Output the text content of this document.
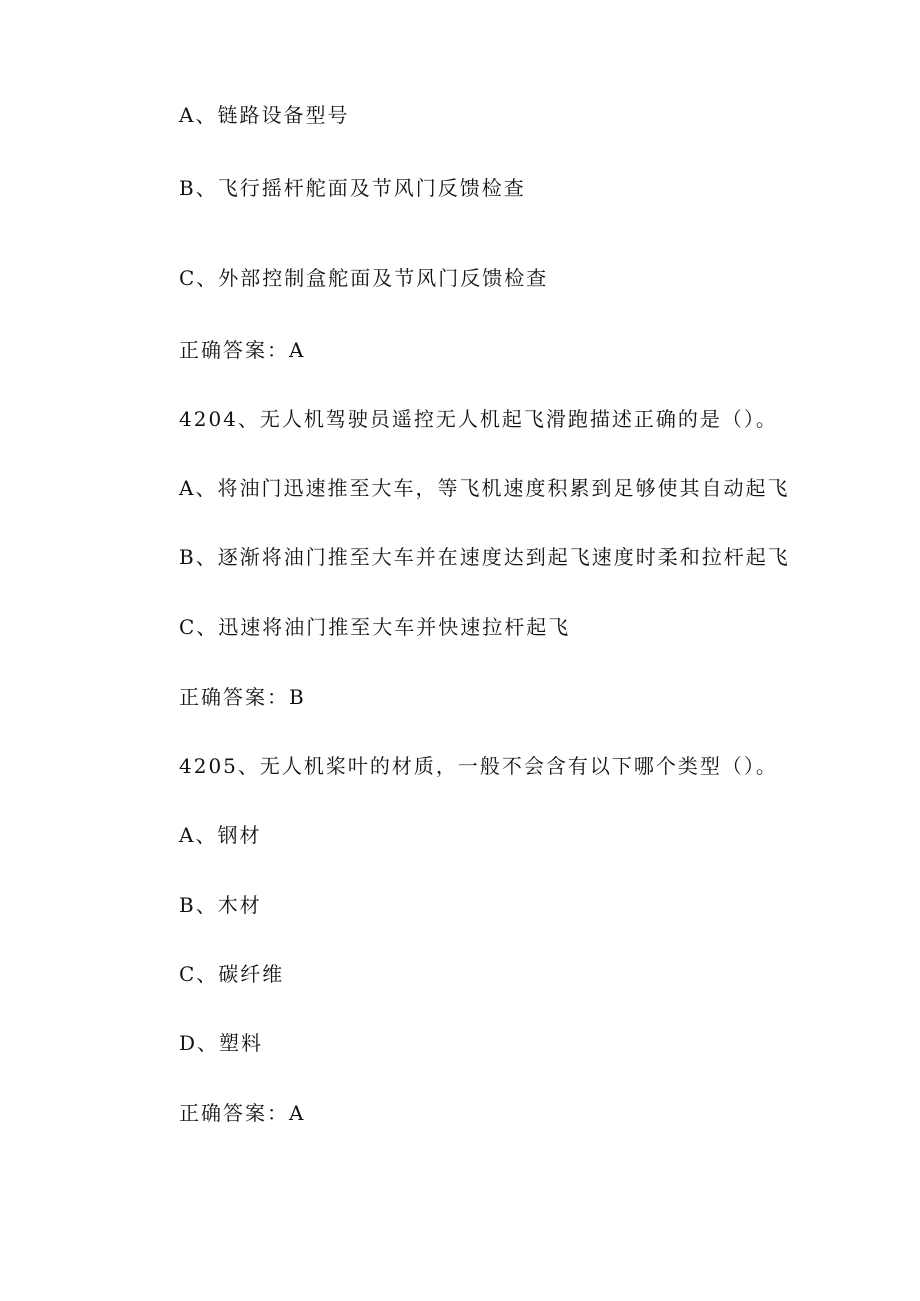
A、链路设备型号
B、飞行摇杆舵面及节风门反馈检查
C、外部控制盒舵面及节风门反馈检查
正确答案：A
4204、无人机驾驶员遥控无人机起飞滑跑描述正确的是（）。
A、将油门迅速推至大车，等飞机速度积累到足够使其自动起飞
B、逐渐将油门推至大车并在速度达到起飞速度时柔和拉杆起飞
C、迅速将油门推至大车并快速拉杆起飞
正确答案：B
4205、无人机桨叶的材质，一般不会含有以下哪个类型（）。
A、钢材
B、木材
C、碳纤维
D、塑料
正确答案：A
